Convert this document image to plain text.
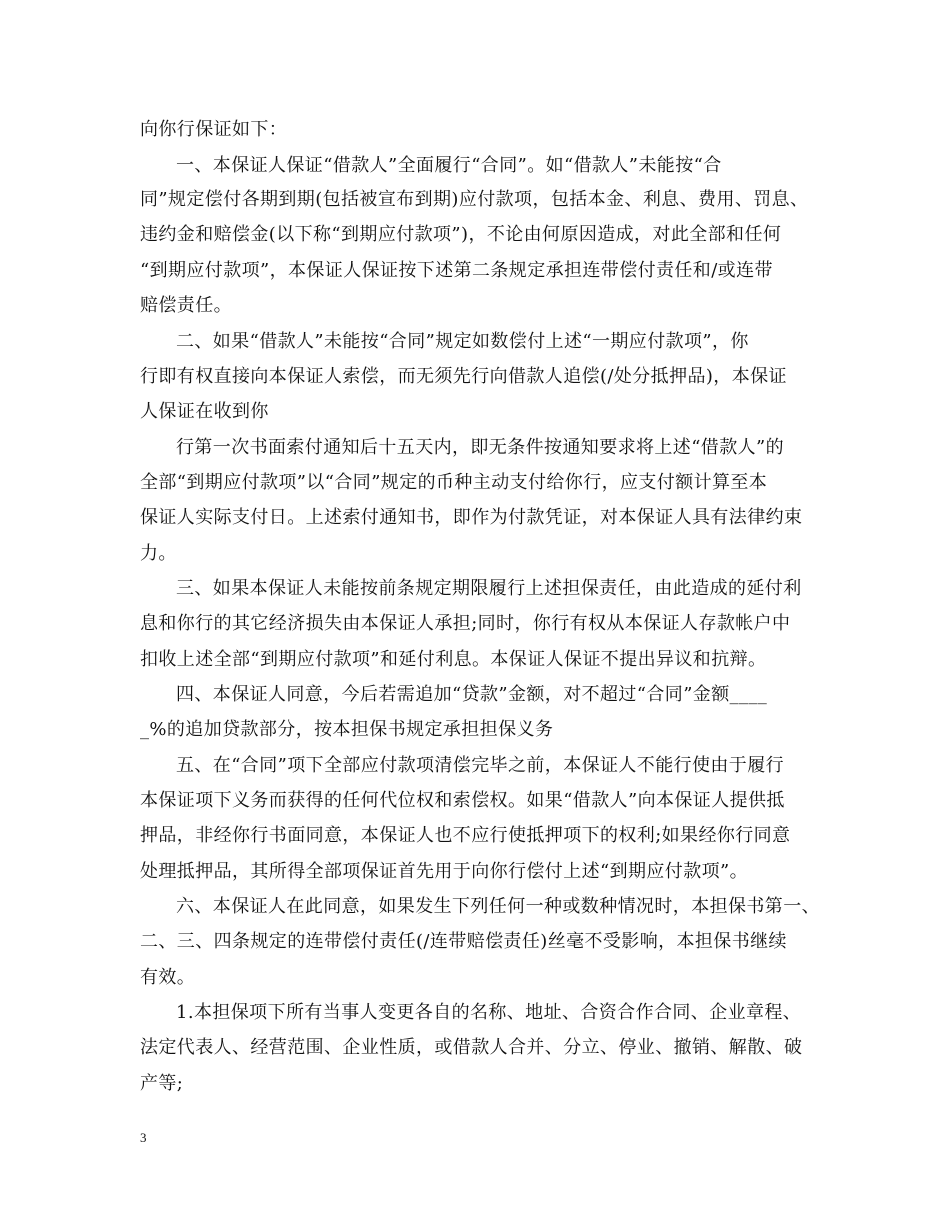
向你行保证如下：
一、本保证人保证“借款人”全面履行“合同”。如“借款人”未能按“合
同”规定偿付各期到期(包括被宣布到期)应付款项，包括本金、利息、费用、罚息、
违约金和赔偿金(以下称“到期应付款项”)，不论由何原因造成，对此全部和任何
“到期应付款项”，本保证人保证按下述第二条规定承担连带偿付责任和/或连带
赔偿责任。
二、如果“借款人”未能按“合同”规定如数偿付上述“一期应付款项”，你
行即有权直接向本保证人索偿，而无须先行向借款人追偿(/处分抵押品)，本保证
人保证在收到你
行第一次书面索付通知后十五天内，即无条件按通知要求将上述“借款人”的
全部“到期应付款项”以“合同”规定的币种主动支付给你行，应支付额计算至本
保证人实际支付日。上述索付通知书，即作为付款凭证，对本保证人具有法律约束
力。
三、如果本保证人未能按前条规定期限履行上述担保责任，由此造成的延付利
息和你行的其它经济损失由本保证人承担;同时，你行有权从本保证人存款帐户中
扣收上述全部“到期应付款项”和延付利息。本保证人保证不提出异议和抗辩。
四、本保证人同意，今后若需追加“贷款”金额，对不超过“合同”金额____
_%的追加贷款部分，按本担保书规定承担担保义务
五、在“合同”项下全部应付款项清偿完毕之前，本保证人不能行使由于履行
本保证项下义务而获得的任何代位权和索偿权。如果“借款人”向本保证人提供抵
押品，非经你行书面同意，本保证人也不应行使抵押项下的权利;如果经你行同意
处理抵押品，其所得全部项保证首先用于向你行偿付上述“到期应付款项”。
六、本保证人在此同意，如果发生下列任何一种或数种情况时，本担保书第一、
二、三、四条规定的连带偿付责任(/连带赔偿责任)丝毫不受影响，本担保书继续
有效。
1.本担保项下所有当事人变更各自的名称、地址、合资合作合同、企业章程、
法定代表人、经营范围、企业性质，或借款人合并、分立、停业、撤销、解散、破
产等;
3
